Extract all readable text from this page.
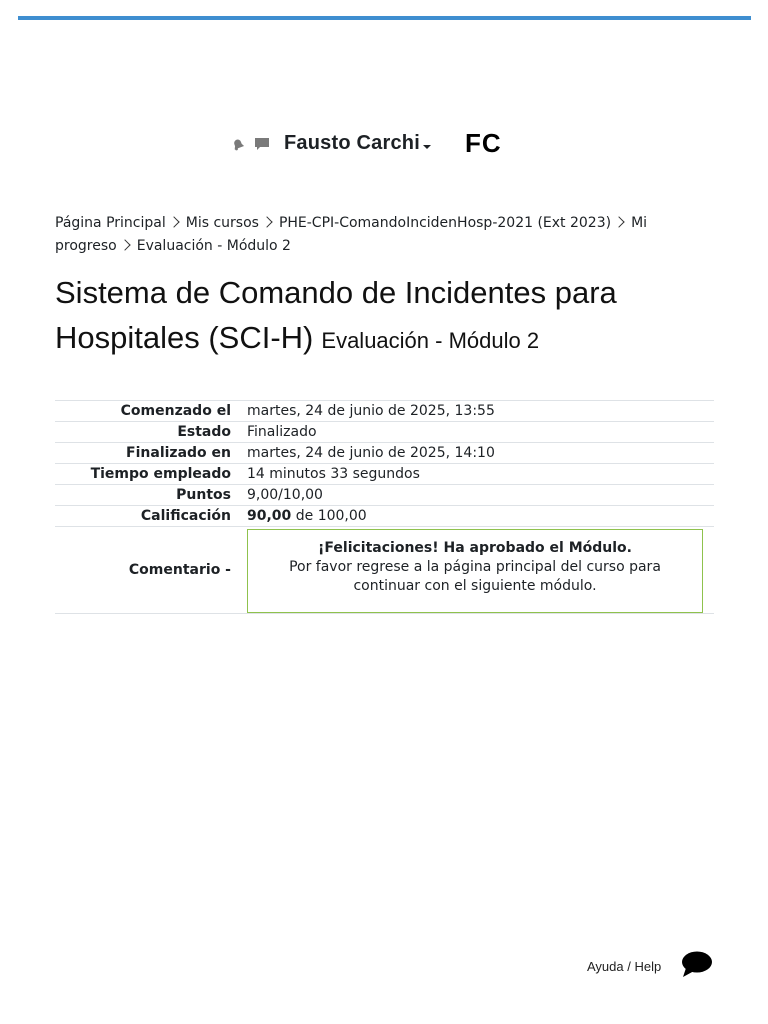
Fausto Carchi FC
Página Principal Mis cursos PHE-CPI-ComandoIncidenHosp-2021 (Ext 2023) Mi progreso Evaluación - Módulo 2
Sistema de Comando de Incidentes para Hospitales (SCI-H) Evaluación - Módulo 2
Comenzado el	martes, 24 de junio de 2025, 13:55
Estado	Finalizado
Finalizado en	martes, 24 de junio de 2025, 14:10
Tiempo empleado	14 minutos 33 segundos
Puntos	9,00/10,00
Calificación	90,00 de 100,00
Comentario -	¡Felicitaciones! Ha aprobado el Módulo.
Por favor regrese a la página principal del curso para continuar con el siguiente módulo.
Ayuda / Help
